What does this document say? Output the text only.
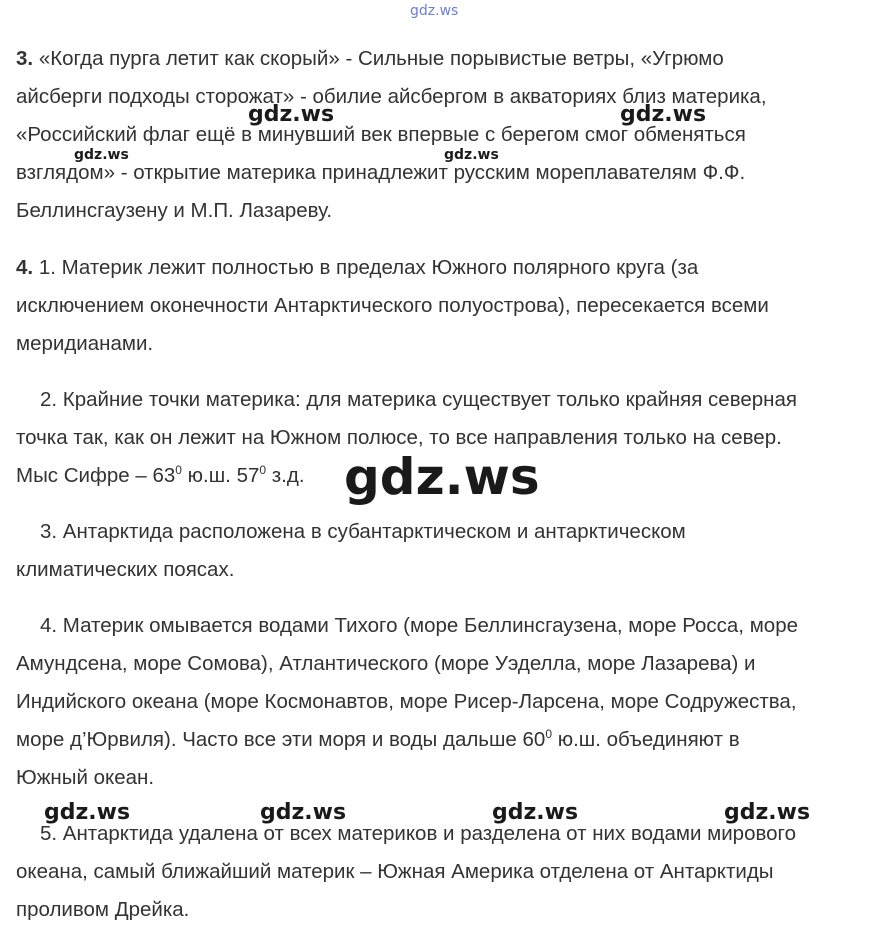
3. «Когда пурга летит как скорый» - Сильные порывистые ветры, «Угрюмо
айсберги подходы сторожат» - обилие айсбергом в акваториях близ материка,
«Российский флаг ещё в минувший век впервые с берегом смог обменяться
взглядом» - открытие материка принадлежит русским мореплавателям Ф.Ф.
Беллинсгаузену и М.П. Лазареву.
4. 1. Материк лежит полностью в пределах Южного полярного круга (за
исключением оконечности Антарктического полуострова), пересекается всеми
меридианами.
2. Крайние точки материка: для материка существует только крайняя северная
точка так, как он лежит на Южном полюсе, то все направления только на север.
Мыс Сифре – $63^0$ ю.ш. $57^0$ з.д.
3. Антарктида расположена в субантарктическом и антарктическом
климатических поясах.
4. Материк омывается водами Тихого (море Беллинсгаузена, море Росса, море
Амундсена, море Сомова), Атлантического (море Уэделла, море Лазарева) и
Индийского океана (море Космонавтов, море Рисер-Ларсена, море Содружества,
море д’Юрвиля). Часто все эти моря и воды дальше $60^0$ ю.ш. объединяют в
Южный океан.
5. Антарктида удалена от всех материков и разделена от них водами мирового
океана, самый ближайший материк – Южная Америка отделена от Антарктиды
проливом Дрейка.
gdz.ws
gdz.ws	gdz.ws
gdz.ws	gdz.ws
gdz.ws
gdz.ws	gdz.ws	gdz.ws	gdz.ws
